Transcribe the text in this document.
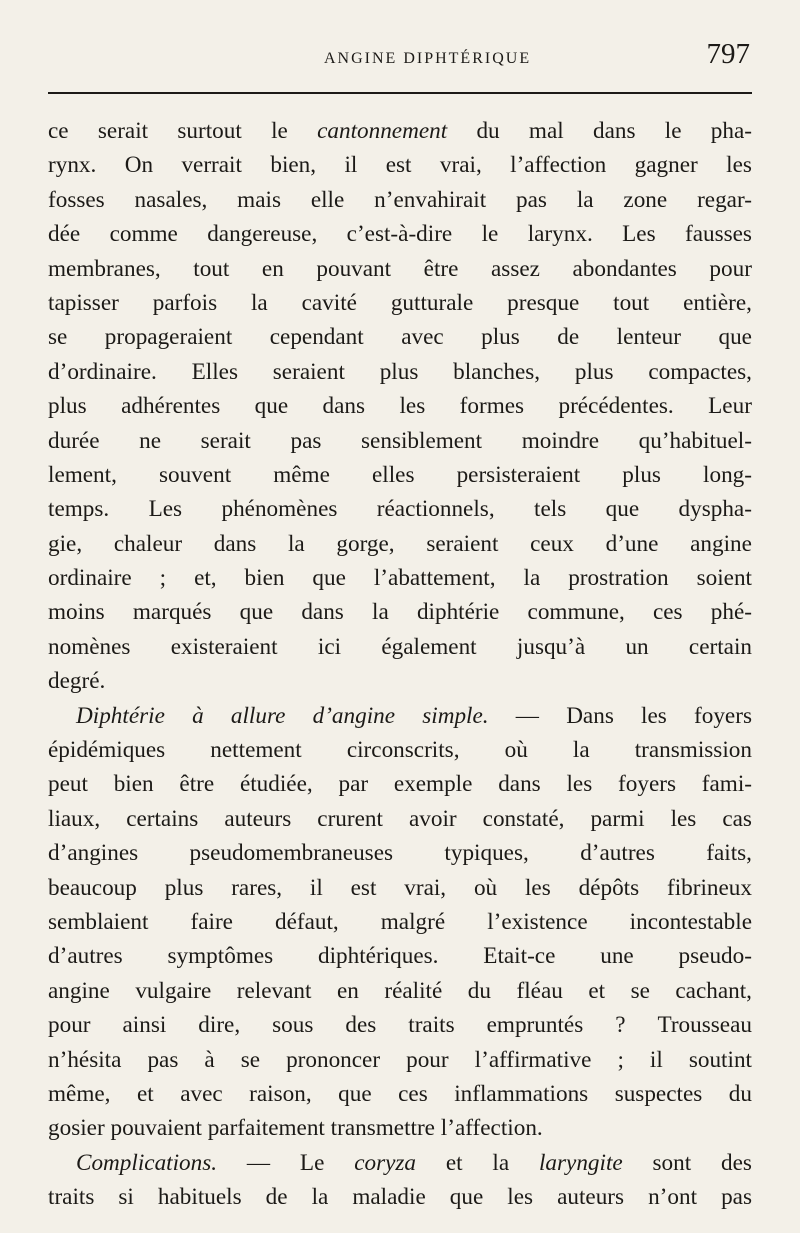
ANGINE DIPHTÉRIQUE	797
ce serait surtout le cantonnement du mal dans le pha-
rynx. On verrait bien, il est vrai, l’affection gagner les
fosses nasales, mais elle n’envahirait pas la zone regar-
dée comme dangereuse, c’est-à-dire le larynx. Les fausses
membranes, tout en pouvant être assez abondantes pour
tapisser parfois la cavité gutturale presque tout entière,
se propageraient cependant avec plus de lenteur que
d’ordinaire. Elles seraient plus blanches, plus compactes,
plus adhérentes que dans les formes précédentes. Leur
durée ne serait pas sensiblement moindre qu’habituel-
lement, souvent même elles persisteraient plus long-
temps. Les phénomènes réactionnels, tels que dyspha-
gie, chaleur dans la gorge, seraient ceux d’une angine
ordinaire ; et, bien que l’abattement, la prostration soient
moins marqués que dans la diphtérie commune, ces phé-
nomènes existeraient ici également jusqu’à un certain
degré.

Diphtérie à allure d’angine simple. — Dans les foyers
épidémiques nettement circonscrits, où la transmission
peut bien être étudiée, par exemple dans les foyers fami-
liaux, certains auteurs crurent avoir constaté, parmi les cas
d’angines pseudomembraneuses typiques, d’autres faits,
beaucoup plus rares, il est vrai, où les dépôts fibrineux
semblaient faire défaut, malgré l’existence incontestable
d’autres symptômes diphtériques. Etait-ce une pseudo-
angine vulgaire relevant en réalité du fléau et se cachant,
pour ainsi dire, sous des traits empruntés ? Trousseau
n’hésita pas à se prononcer pour l’affirmative ; il soutint
même, et avec raison, que ces inflammations suspectes du
gosier
pouvaient
parfaitement
transmettre
l’affection.

Complications. — Le coryza et la laryngite sont des
traits si habituels de la maladie que les auteurs n’ont pas
